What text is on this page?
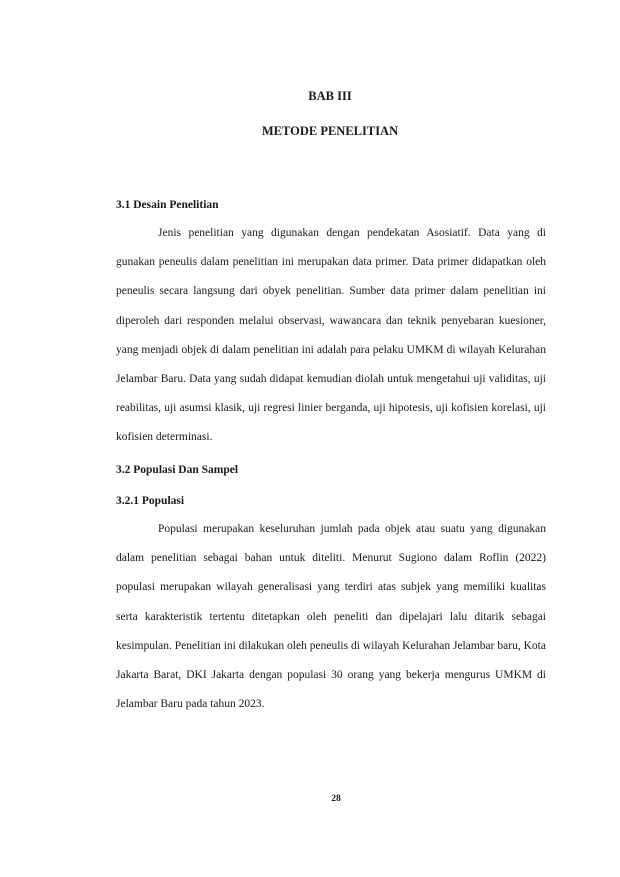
BAB III
METODE PENELITIAN
3.1 Desain Penelitian

Jenis penelitian yang digunakan dengan pendekatan Asosiatif. Data yang di gunakan peneulis dalam penelitian ini merupakan data primer. Data primer didapatkan oleh peneulis secara langsung dari obyek penelitian. Sumber data primer dalam penelitian ini diperoleh dari responden melalui observasi, wawancara dan teknik penyebaran kuesioner, yang menjadi objek di dalam penelitian ini adalah para pelaku UMKM di wilayah Kelurahan Jelambar Baru. Data yang sudah didapat kemudian diolah untuk mengetahui uji validitas, uji reabilitas, uji asumsi klasik, uji regresi linier berganda, uji hipotesis, uji kofisien korelasi, uji kofisien determinasi.

3.2 Populasi Dan Sampel
3.2.1 Populasi

Populasi merupakan keseluruhan jumlah pada objek atau suatu yang digunakan dalam penelitian sebagai bahan untuk diteliti. Menurut Sugiono dalam Roflin (2022) populasi merupakan wilayah generalisasi yang terdiri atas subjek yang memiliki kualitas serta karakteristik tertentu ditetapkan oleh peneliti dan dipelajari lalu ditarik sebagai kesimpulan. Penelitian ini dilakukan oleh peneulis di wilayah Kelurahan Jelambar baru, Kota Jakarta Barat, DKI Jakarta dengan populasi 30 orang yang bekerja mengurus UMKM di Jelambar Baru pada tahun 2023.

28
